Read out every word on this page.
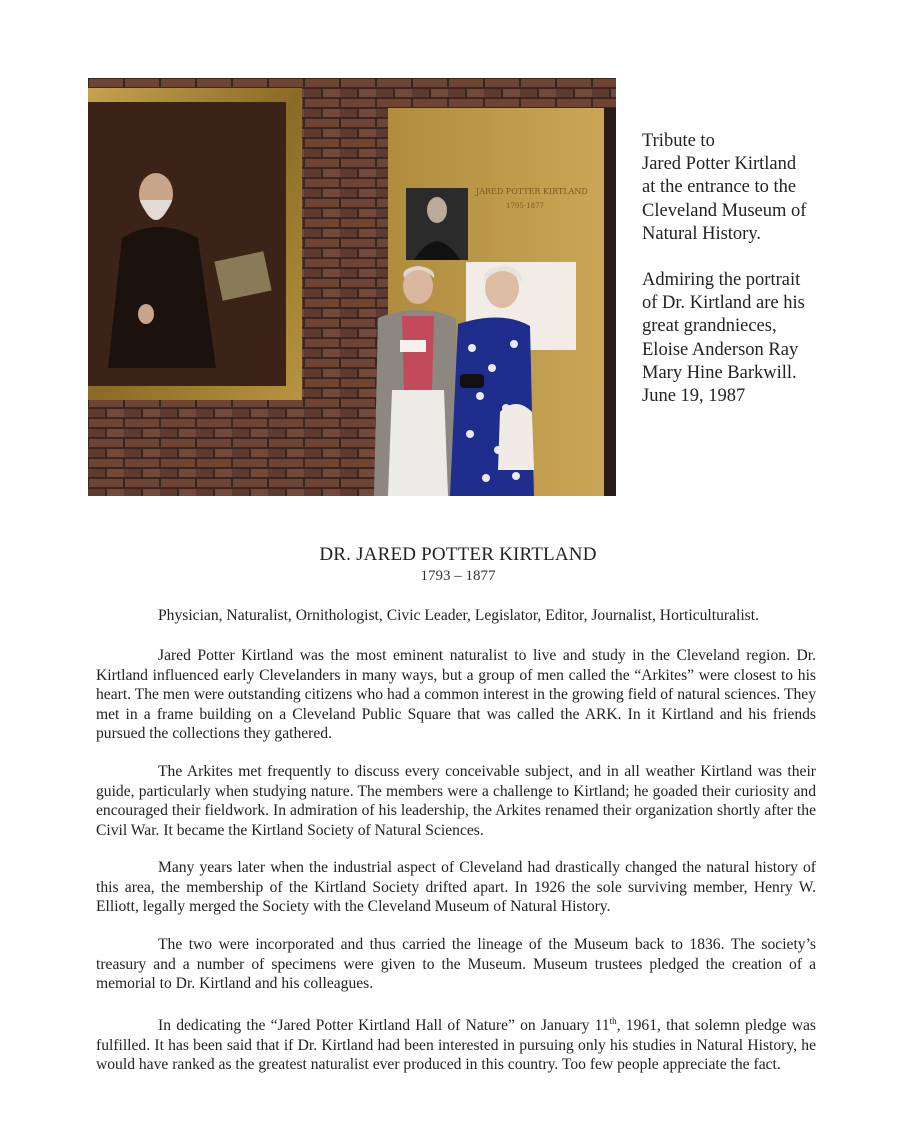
JARED POTTER KIRTLAND
1795-1877

Tribute to

Jared Potter Kirtland

at the entrance to the

Cleveland Museum of

Natural History.

Admiring the portrait

of Dr. Kirtland are his

great grandnieces,

Eloise Anderson Ray

Mary Hine Barkwill.

June 19, 1987

DR. JARED POTTER KIRTLAND
1793 – 1877
Physician, Naturalist, Ornithologist, Civic Leader, Legislator, Editor, Journalist, Horticulturalist.

Jared Potter Kirtland was the most eminent naturalist to live and study in the Cleveland region. Dr. Kirtland influenced early Clevelanders in many ways, but a group of men called the “Arkites” were closest to his heart. The men were outstanding citizens who had a common interest in the growing field of natural sciences. They met in a frame building on a Cleveland Public Square that was called the ARK. In it Kirtland and his friends pursued the collections they gathered.

The Arkites met frequently to discuss every conceivable subject, and in all weather Kirtland was their guide, particularly when studying nature. The members were a challenge to Kirtland; he goaded their curiosity and encouraged their fieldwork. In admiration of his leadership, the Arkites renamed their organization shortly after the Civil War. It became the Kirtland Society of Natural Sciences.

Many years later when the industrial aspect of Cleveland had drastically changed the natural history of this area, the membership of the Kirtland Society drifted apart. In 1926 the sole surviving member, Henry W. Elliott, legally merged the Society with the Cleveland Museum of Natural History.

The two were incorporated and thus carried the lineage of the Museum back to 1836. The society’s treasury and a number of specimens were given to the Museum. Museum trustees pledged the creation of a memorial to Dr. Kirtland and his colleagues.

In dedicating the “Jared Potter Kirtland Hall of Nature” on January 11th, 1961, that solemn pledge was fulfilled. It has been said that if Dr. Kirtland had been interested in pursuing only his studies in Natural History, he would have ranked as the greatest naturalist ever produced in this country. Too few people appreciate the fact.
